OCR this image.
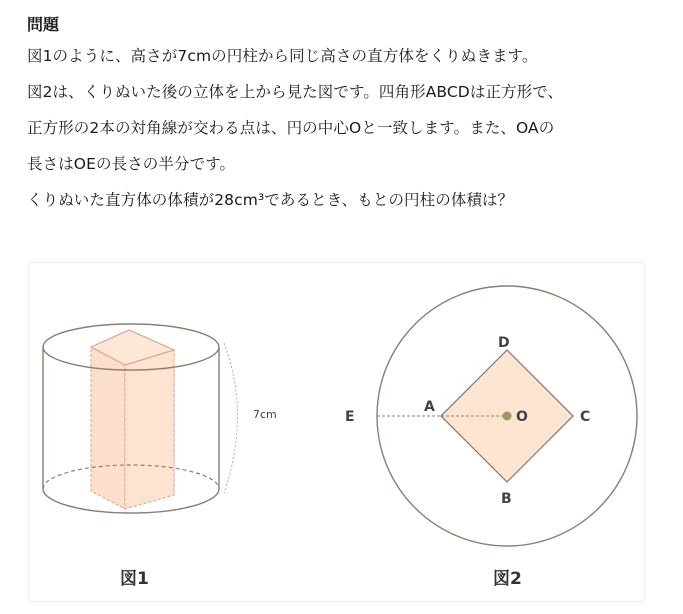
問題

図1のように、高さが7cmの円柱から同じ高さの直方体をくりぬきます。

図2は、くりぬいた後の立体を上から見た図です。四角形ABCDは正方形で、

正方形の2本の対角線が交わる点は、円の中心Oと一致します。また、OAの

長さはOEの長さの半分です。

くりぬいた直方体の体積が28cm³であるとき、もとの円柱の体積は？

7cm
図1
E
A
D
C
B
O
図2
